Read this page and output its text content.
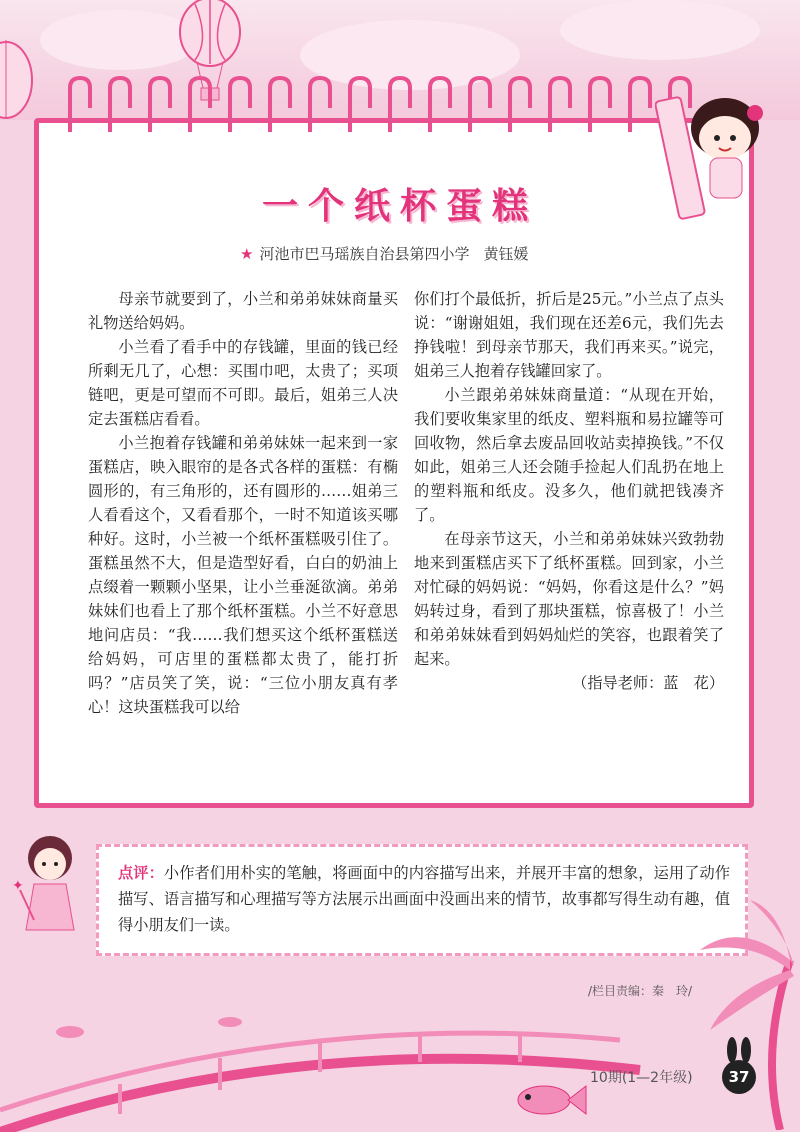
一个纸杯蛋糕
★ 河池市巴马瑶族自治县第四小学 黄钰媛

母亲节就要到了，小兰和弟弟妹妹商量买礼物送给妈妈。

小兰看了看手中的存钱罐，里面的钱已经所剩无几了，心想：买围巾吧，太贵了；买项链吧，更是可望而不可即。最后，姐弟三人决定去蛋糕店看看。

小兰抱着存钱罐和弟弟妹妹一起来到一家蛋糕店，映入眼帘的是各式各样的蛋糕：有椭圆形的，有三角形的，还有圆形的……姐弟三人看看这个，又看看那个，一时不知道该买哪种好。这时，小兰被一个纸杯蛋糕吸引住了。蛋糕虽然不大，但是造型好看，白白的奶油上点缀着一颗颗小坚果，让小兰垂涎欲滴。弟弟妹妹们也看上了那个纸杯蛋糕。小兰不好意思地问店员：“我……我们想买这个纸杯蛋糕送给妈妈，可店里的蛋糕都太贵了，能打折吗？”店员笑了笑，说：“三位小朋友真有孝心！这块蛋糕我可以给

你们打个最低折，折后是25元。”小兰点了点头说：“谢谢姐姐，我们现在还差6元，我们先去挣钱啦！到母亲节那天，我们再来买。”说完，姐弟三人抱着存钱罐回家了。

小兰跟弟弟妹妹商量道：“从现在开始，我们要收集家里的纸皮、塑料瓶和易拉罐等可回收物，然后拿去废品回收站卖掉换钱。”不仅如此，姐弟三人还会随手捡起人们乱扔在地上的塑料瓶和纸皮。没多久，他们就把钱凑齐了。

在母亲节这天，小兰和弟弟妹妹兴致勃勃地来到蛋糕店买下了纸杯蛋糕。回到家，小兰对忙碌的妈妈说：“妈妈，你看这是什么？”妈妈转过身，看到了那块蛋糕，惊喜极了！小兰和弟弟妹妹看到妈妈灿烂的笑容，也跟着笑了起来。

（指导老师：蓝　花）

✦
点评：小作者们用朴实的笔触，将画面中的内容描写出来，并展开丰富的想象，运用了动作描写、语言描写和心理描写等方法展示出画面中没画出来的情节，故事都写得生动有趣，值得小朋友们一读。
/栏目责编：秦　玲/
10期(1—2年级)	37
